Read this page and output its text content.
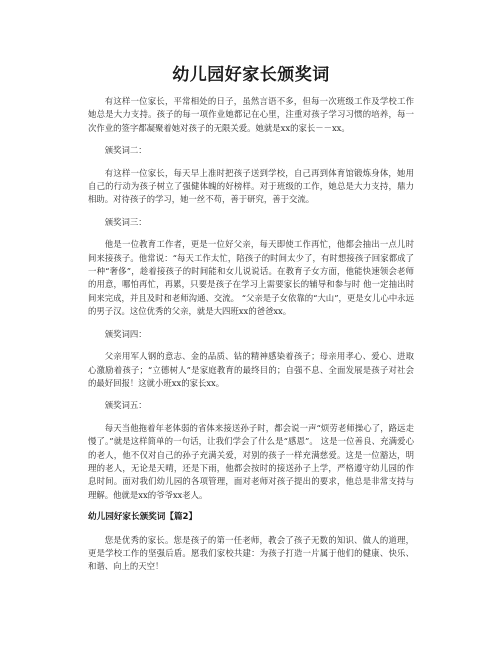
幼儿园好家长颁奖词

有这样一位家长，平常相处的日子，虽然言语不多，但每一次班级工作及学校工作她总是大力支持。孩子的每一项作业她都记在心里，注重对孩子学习习惯的培养，每一次作业的签字都凝聚着她对孩子的无限关爱。她就是xx的家长－－xx。

颁奖词二：

有这样一位家长，每天早上准时把孩子送到学校，自己再到体育馆锻炼身体，她用自己的行动为孩子树立了强健体魄的好榜样。对于班级的工作，她总是大力支持，鼎力相助。对待孩子的学习，她一丝不苟，善于研究，善于交流。

颁奖词三：

他是一位教育工作者，更是一位好父亲，每天即使工作再忙，他都会抽出一点儿时间来接孩子。他常说：“每天工作太忙，陪孩子的时间太少了，有时想接孩子回家都成了一种“奢侈”，趁着接孩子的时间能和女儿说说话。在教育子女方面，他能快速领会老师的用意，哪怕再忙，再累，只要是孩子在学习上需要家长的辅导和参与时 他一定抽出时间来完成，并且及时和老师沟通、交流。 “父亲是子女依靠的“大山”，更是女儿心中永远的男子汉。这位优秀的父亲，就是大四班xx的爸爸xx。

颁奖词四：

父亲用军人钢的意志、金的品质、钻的精神感染着孩子；母亲用孝心、爱心、进取心激励着孩子；“立德树人”是家庭教育的最终目的；自强不息、全面发展是孩子对社会的最好回报！这就小班xx的家长xx。

颁奖词五：

每天当他拖着年老体弱的省体来接送孙子时，都会说一声“烦劳老师操心了，路远走慢了。”就是这样简单的一句话，让我们学会了什么是“感恩”。 这是一位善良、充满爱心的老人，他不仅对自己的孙子充满关爱，对别的孩子一样充满慈爱。这是一位豁达，明理的老人，无论是天晴，还是下雨，他都会按时的接送孙子上学，严格遵守幼儿园的作息时间。面对我们幼儿园的各项管理，面对老师对孩子提出的要求，他总是非常支持与理解。他就是xx的爷爷xx老人。

幼儿园好家长颁奖词【篇2】

您是优秀的家长。您是孩子的第一任老师，教会了孩子无数的知识、做人的道理，更是学校工作的坚强后盾。愿我们家校共建：为孩子打造一片属于他们的健康、快乐、和谐、向上的天空！
